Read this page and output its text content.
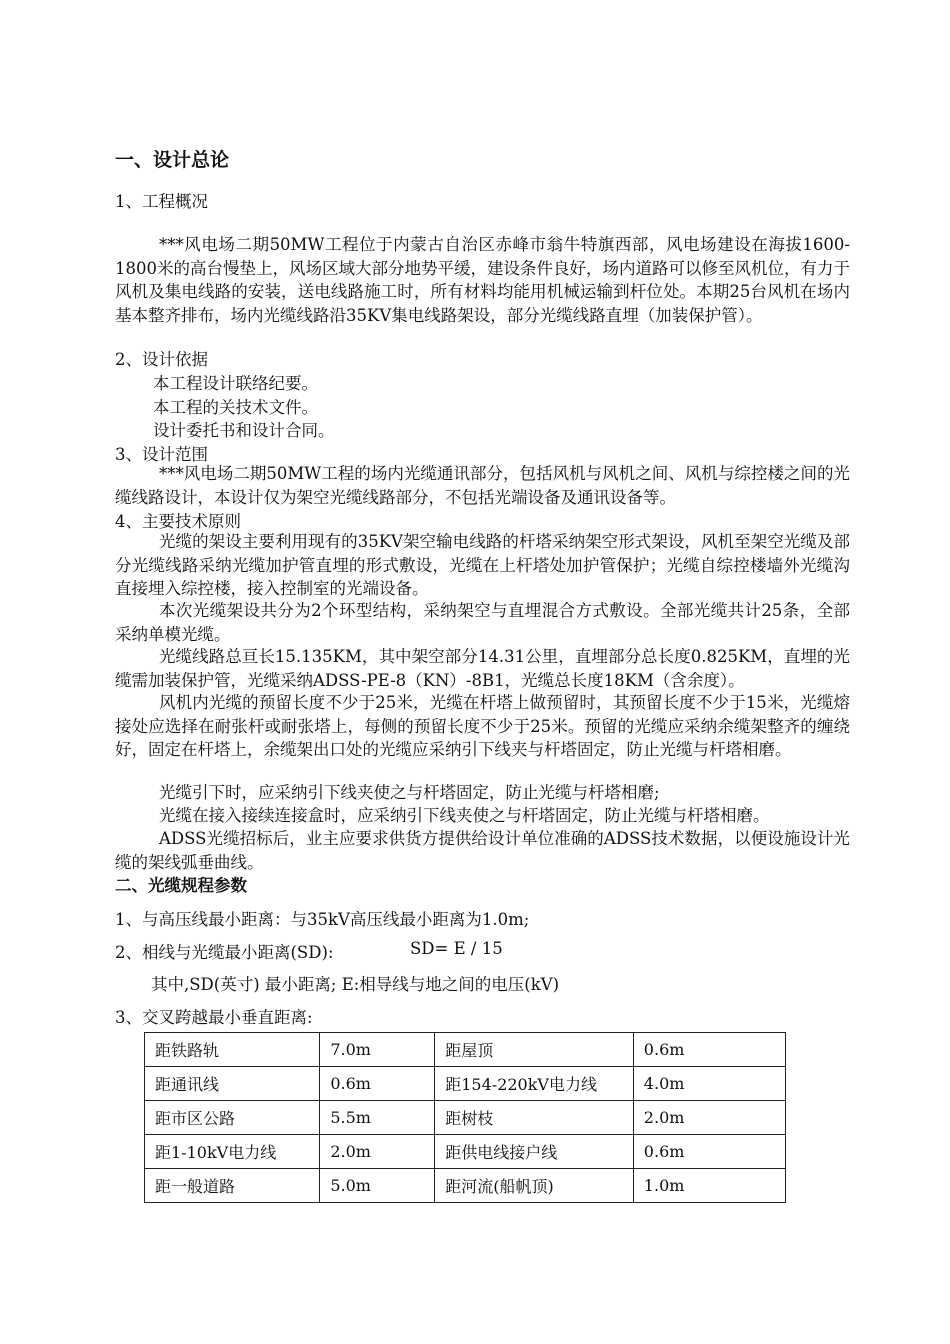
一、设计总论
1、工程概况
***风电场二期50MW工程位于内蒙古自治区赤峰市翁牛特旗西部，风电场建设在海拔1600-1800米的高台慢垫上，风场区域大部分地势平缓，建设条件良好，场内道路可以修至风机位，有力于风机及集电线路的安装，送电线路施工时，所有材料均能用机械运输到杆位处。本期25台风机在场内基本整齐排布，场内光缆线路沿35KV集电线路架设，部分光缆线路直埋（加装保护管）。
2、设计依据
本工程设计联络纪要。
本工程的关技术文件。
设计委托书和设计合同。
3、设计范围
***风电场二期50MW工程的场内光缆通讯部分，包括风机与风机之间、风机与综控楼之间的光缆线路设计，本设计仅为架空光缆线路部分，不包括光端设备及通讯设备等。
4、主要技术原则
光缆的架设主要利用现有的35KV架空输电线路的杆塔采纳架空形式架设，风机至架空光缆及部分光缆线路采纳光缆加护管直埋的形式敷设，光缆在上杆塔处加护管保护；光缆自综控楼墙外光缆沟直接埋入综控楼，接入控制室的光端设备。
本次光缆架设共分为2个环型结构，采纳架空与直埋混合方式敷设。全部光缆共计25条，全部采纳单模光缆。
光缆线路总亘长15.135KM，其中架空部分14.31公里，直埋部分总长度0.825KM，直埋的光缆需加装保护管，光缆采纳ADSS-PE-8（KN）-8B1，光缆总长度18KM（含余度）。
风机内光缆的预留长度不少于25米，光缆在杆塔上做预留时，其预留长度不少于15米，光缆熔接处应选择在耐张杆或耐张塔上，每侧的预留长度不少于25米。预留的光缆应采纳余缆架整齐的缠绕好，固定在杆塔上，余缆架出口处的光缆应采纳引下线夹与杆塔固定，防止光缆与杆塔相磨。
光缆引下时，应采纳引下线夹使之与杆塔固定，防止光缆与杆塔相磨;
光缆在接入接续连接盒时，应采纳引下线夹使之与杆塔固定，防止光缆与杆塔相磨。
ADSS光缆招标后，业主应要求供货方提供给设计单位准确的ADSS技术数据，以便设施设计光缆的架线弧垂曲线。
二、光缆规程参数
1、与高压线最小距离：与35kV高压线最小距离为1.0m;
2、相线与光缆最小距离(SD):	SD= E / 15
其中,SD(英寸) 最小距离; E:相导线与地之间的电压(kV)
3、交叉跨越最小垂直距离:
距铁路轨	7.0m	距屋顶	0.6m
距通讯线	0.6m	距154-220kV电力线	4.0m
距市区公路	5.5m	距树枝	2.0m
距1-10kV电力线	2.0m	距供电线接户线	0.6m
距一般道路	5.0m	距河流(船帆顶)	1.0m
